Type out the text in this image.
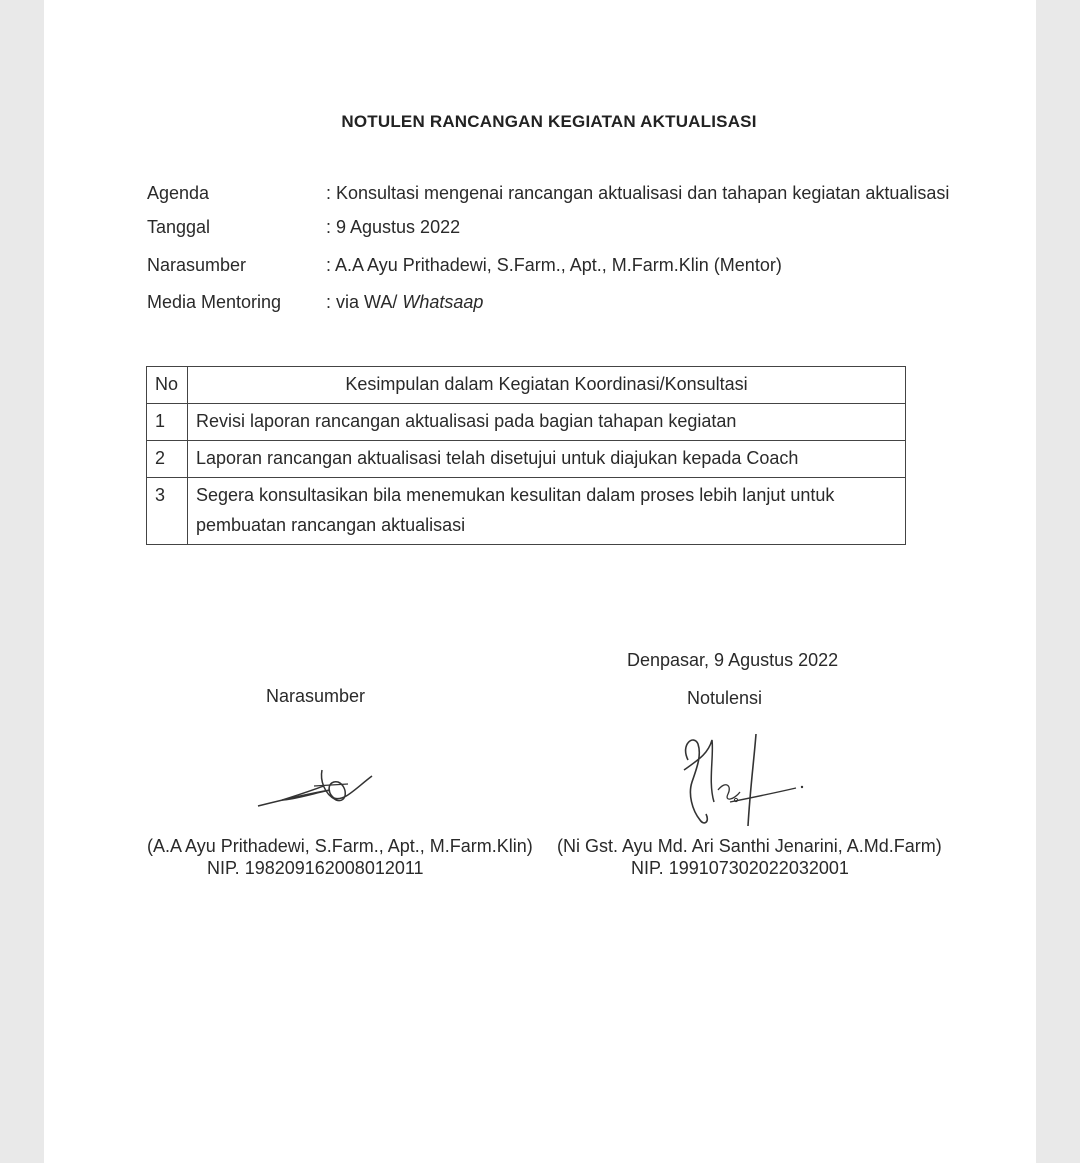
NOTULEN RANCANGAN KEGIATAN AKTUALISASI
Agenda	: Konsultasi mengenai rancangan aktualisasi dan tahapan kegiatan aktualisasi
Tanggal	: 9 Agustus 2022
Narasumber	: A.A Ayu Prithadewi, S.Farm., Apt., M.Farm.Klin (Mentor)
Media Mentoring : via WA/ Whatsaap
No	Kesimpulan dalam Kegiatan Koordinasi/Konsultasi
1	Revisi laporan rancangan aktualisasi pada bagian tahapan kegiatan
2	Laporan rancangan aktualisasi telah disetujui untuk diajukan kepada Coach
3	Segera konsultasikan bila menemukan kesulitan dalam proses lebih lanjut untuk pembuatan rancangan aktualisasi
Denpasar, 9 Agustus 2022
Narasumber	Notulensi
(A.A Ayu Prithadewi, S.Farm., Apt., M.Farm.Klin)
NIP. 198209162008012011
(Ni Gst. Ayu Md. Ari Santhi Jenarini, A.Md.Farm)
NIP. 199107302022032001
